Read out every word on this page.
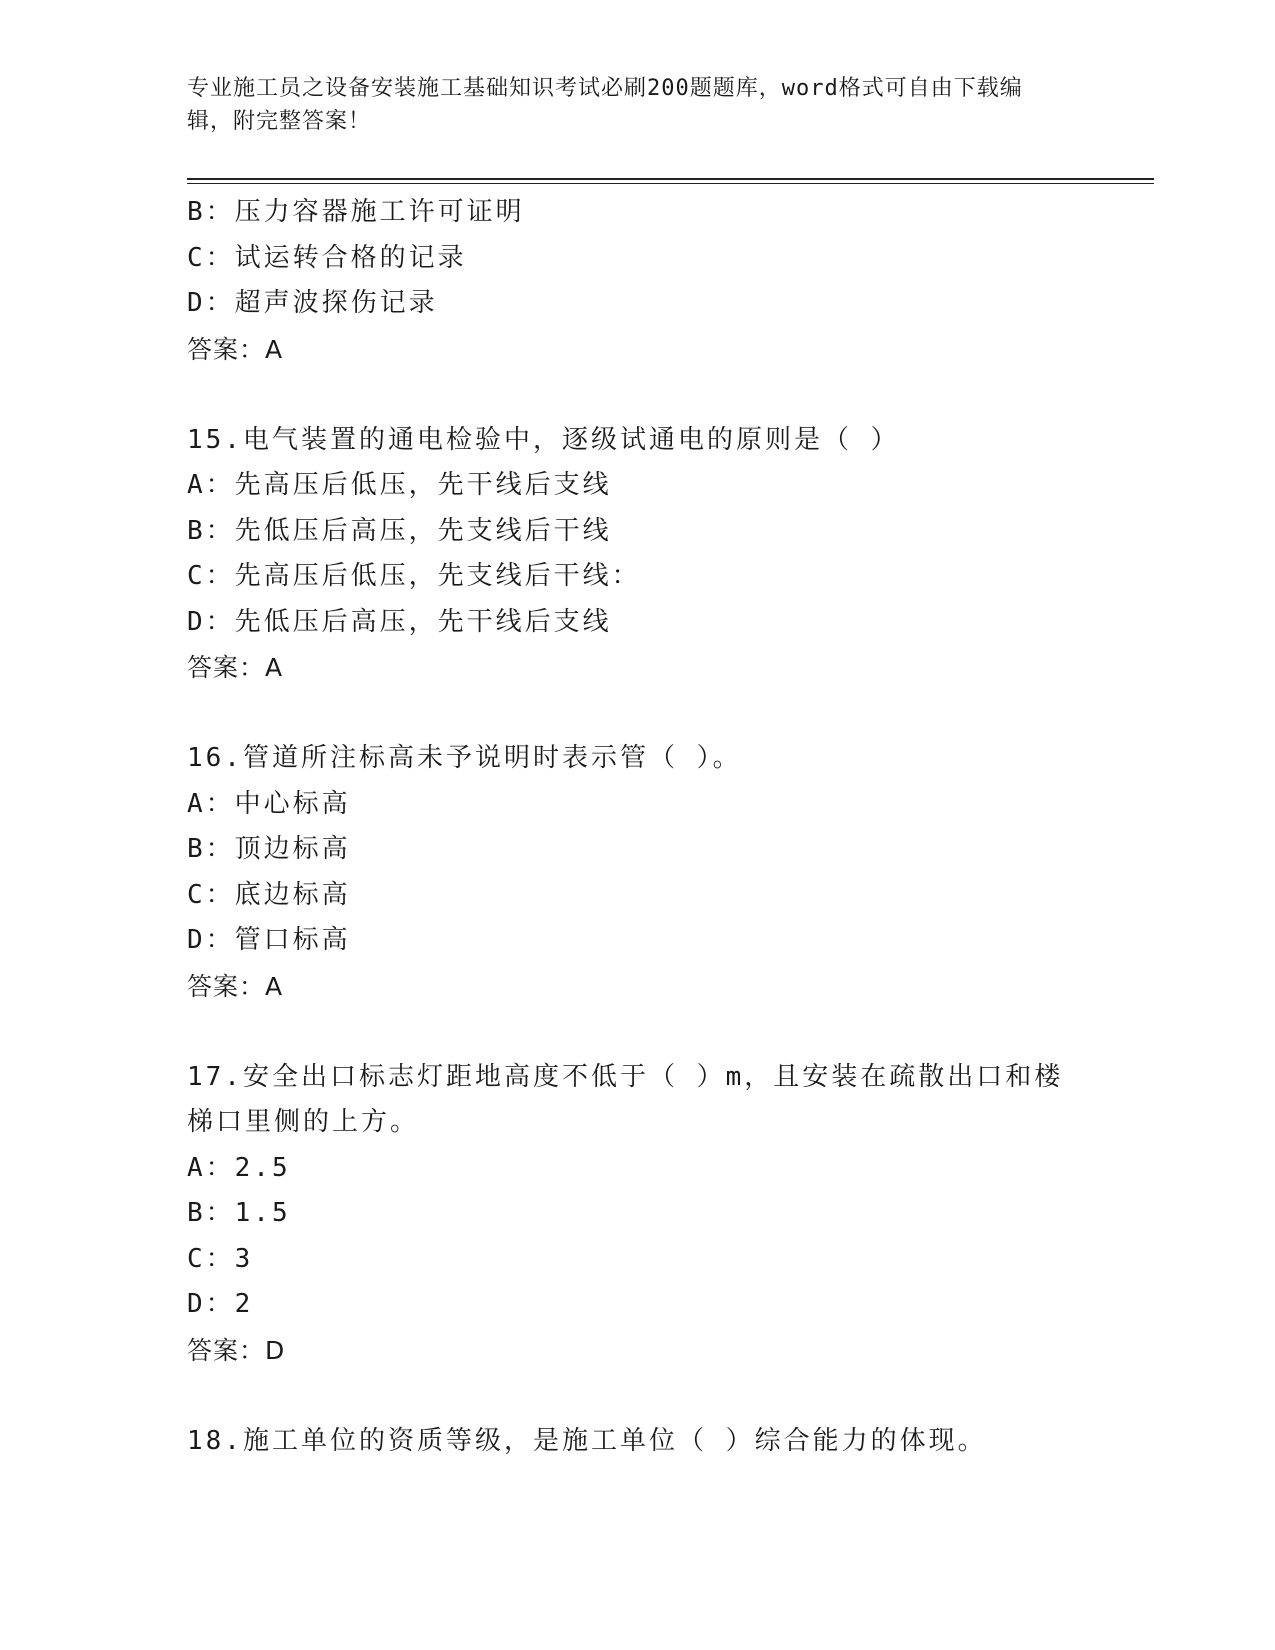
专业施工员之设备安装施工基础知识考试必刷200题题库，word格式可自由下载编辑，附完整答案！
B：压力容器施工许可证明
C：试运转合格的记录
D：超声波探伤记录
答案：A
15.电气装置的通电检验中，逐级试通电的原则是（ ）
A：先高压后低压，先干线后支线
B：先低压后高压，先支线后干线
C：先高压后低压，先支线后干线：
D：先低压后高压，先干线后支线
答案：A
16.管道所注标高未予说明时表示管（ ）。
A：中心标高
B：顶边标高
C：底边标高
D：管口标高
答案：A
17.安全出口标志灯距地高度不低于（ ）m，且安装在疏散出口和楼梯口里侧的上方。
A：2.5
B：1.5
C：3
D：2
答案：D
18.施工单位的资质等级，是施工单位（ ）综合能力的体现。
